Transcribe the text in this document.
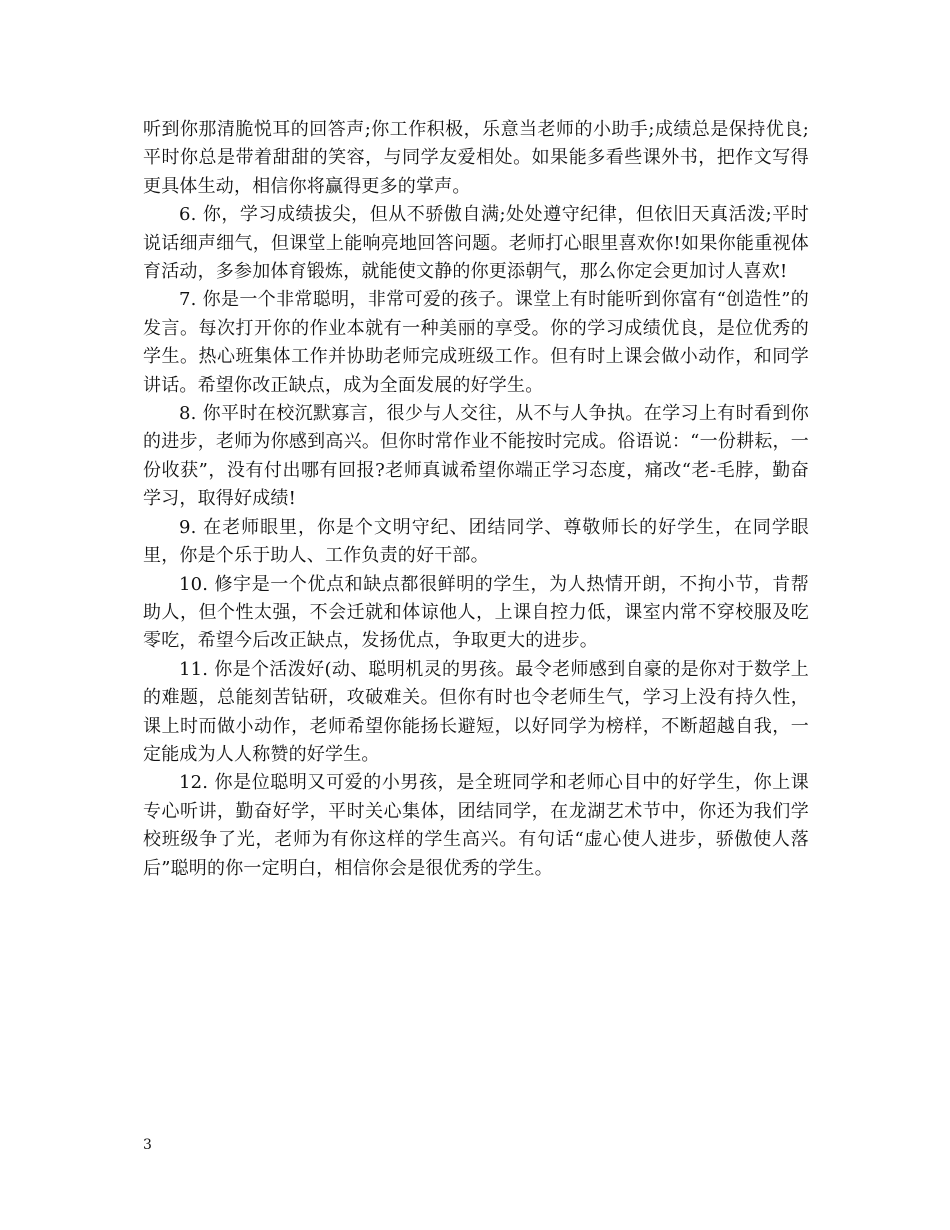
听到你那清脆悦耳的回答声;你工作积极，乐意当老师的小助手;成绩总是保持优良;平时你总是带着甜甜的笑容，与同学友爱相处。如果能多看些课外书，把作文写得更具体生动，相信你将赢得更多的掌声。

6. 你，学习成绩拔尖，但从不骄傲自满;处处遵守纪律，但依旧天真活泼;平时说话细声细气，但课堂上能响亮地回答问题。老师打心眼里喜欢你!如果你能重视体育活动，多参加体育锻炼，就能使文静的你更添朝气，那么你定会更加讨人喜欢!

7. 你是一个非常聪明，非常可爱的孩子。课堂上有时能听到你富有“创造性”的发言。每次打开你的作业本就有一种美丽的享受。你的学习成绩优良，是位优秀的学生。热心班集体工作并协助老师完成班级工作。但有时上课会做小动作，和同学讲话。希望你改正缺点，成为全面发展的好学生。

8. 你平时在校沉默寡言，很少与人交往，从不与人争执。在学习上有时看到你的进步，老师为你感到高兴。但你时常作业不能按时完成。俗语说：“一份耕耘，一份收获”，没有付出哪有回报?老师真诚希望你端正学习态度，痛改“老-毛脖，勤奋学习，取得好成绩!

9. 在老师眼里，你是个文明守纪、团结同学、尊敬师长的好学生，在同学眼里，你是个乐于助人、工作负责的好干部。

10. 修宇是一个优点和缺点都很鲜明的学生，为人热情开朗，不拘小节，肯帮助人，但个性太强，不会迁就和体谅他人，上课自控力低，课室内常不穿校服及吃零吃，希望今后改正缺点，发扬优点，争取更大的进步。

11. 你是个活泼好(动、聪明机灵的男孩。最令老师感到自豪的是你对于数学上的难题，总能刻苦钻研，攻破难关。但你有时也令老师生气，学习上没有持久性，课上时而做小动作，老师希望你能扬长避短，以好同学为榜样，不断超越自我，一定能成为人人称赞的好学生。

12. 你是位聪明又可爱的小男孩，是全班同学和老师心目中的好学生，你上课专心听讲，勤奋好学，平时关心集体，团结同学，在龙湖艺术节中，你还为我们学校班级争了光，老师为有你这样的学生高兴。有句话“虚心使人进步，骄傲使人落后”聪明的你一定明白，相信你会是很优秀的学生。

3
